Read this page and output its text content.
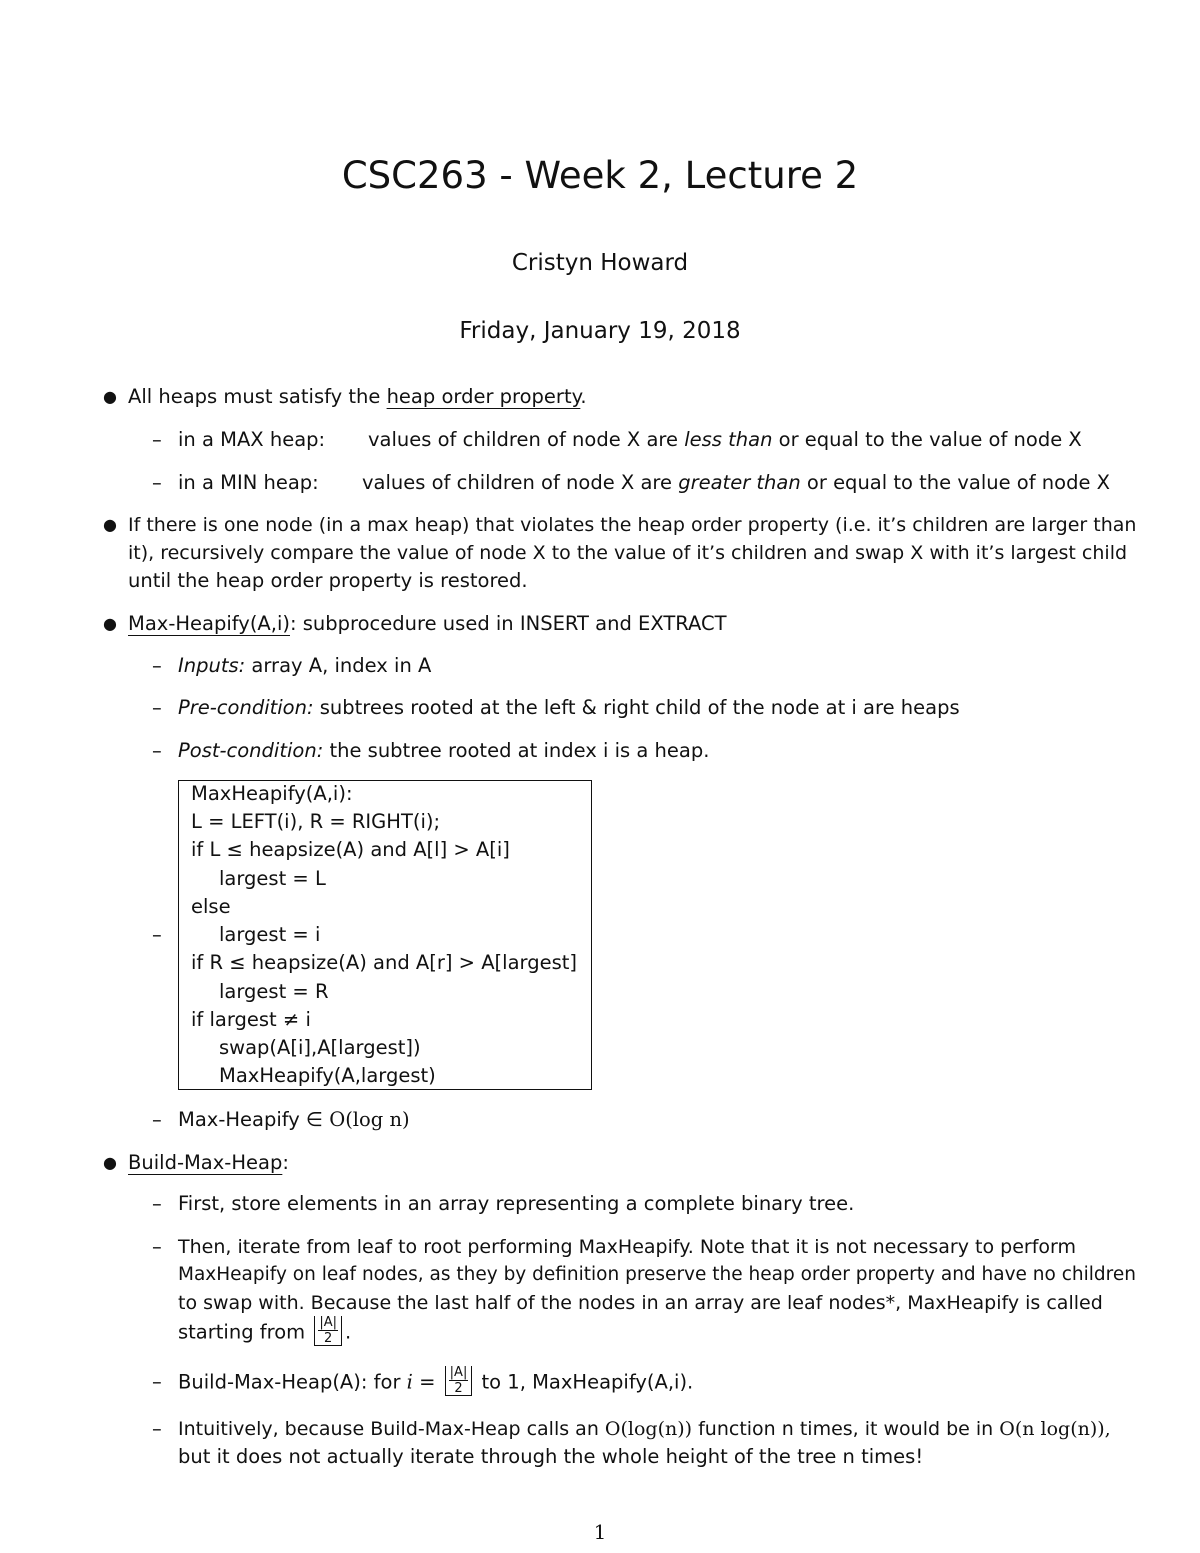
CSC263 - Week 2, Lecture 2
Cristyn Howard
Friday, January 19, 2018
● All heaps must satisfy the heap order property.
– in a MAX heap: values of children of node X are less than or equal to the value of node X
– in a MIN heap: values of children of node X are greater than or equal to the value of node X
● If there is one node (in a max heap) that violates the heap order property (i.e. it’s children are larger than
it), recursively compare the value of node X to the value of it’s children and swap X with it’s largest child
until the heap order property is restored.
● Max-Heapify(A,i): subprocedure used in INSERT and EXTRACT
– Inputs: array A, index in A
– Pre-condition: subtrees rooted at the left & right child of the node at i are heaps
– Post-condition: the subtree rooted at index i is a heap.
–
MaxHeapify(A,i):
L = LEFT(i), R = RIGHT(i);
if L ≤ heapsize(A) and A[l] > A[i]
largest = L
else
largest = i
if R ≤ heapsize(A) and A[r] > A[largest]
largest = R
if largest ≠ i
swap(A[i],A[largest])
MaxHeapify(A,largest)
– Max-Heapify ∈ O(log n)
● Build-Max-Heap:
– First, store elements in an array representing a complete binary tree.
– Then, iterate from leaf to root performing MaxHeapify. Note that it is not necessary to perform
MaxHeapify on leaf nodes, as they by definition preserve the heap order property and have no children
to swap with. Because the last half of the nodes in an array are leaf nodes*, MaxHeapify is called
starting from $\frac{|A|}{2}$ .
– Build-Max-Heap(A): for $i = \frac{|A|}{2}$ to 1, MaxHeapify(A,i).
– Intuitively, because Build-Max-Heap calls an O(log(n)) function n times, it would be in O(n log(n)),
but it does not actually iterate through the whole height of the tree n times!
1
